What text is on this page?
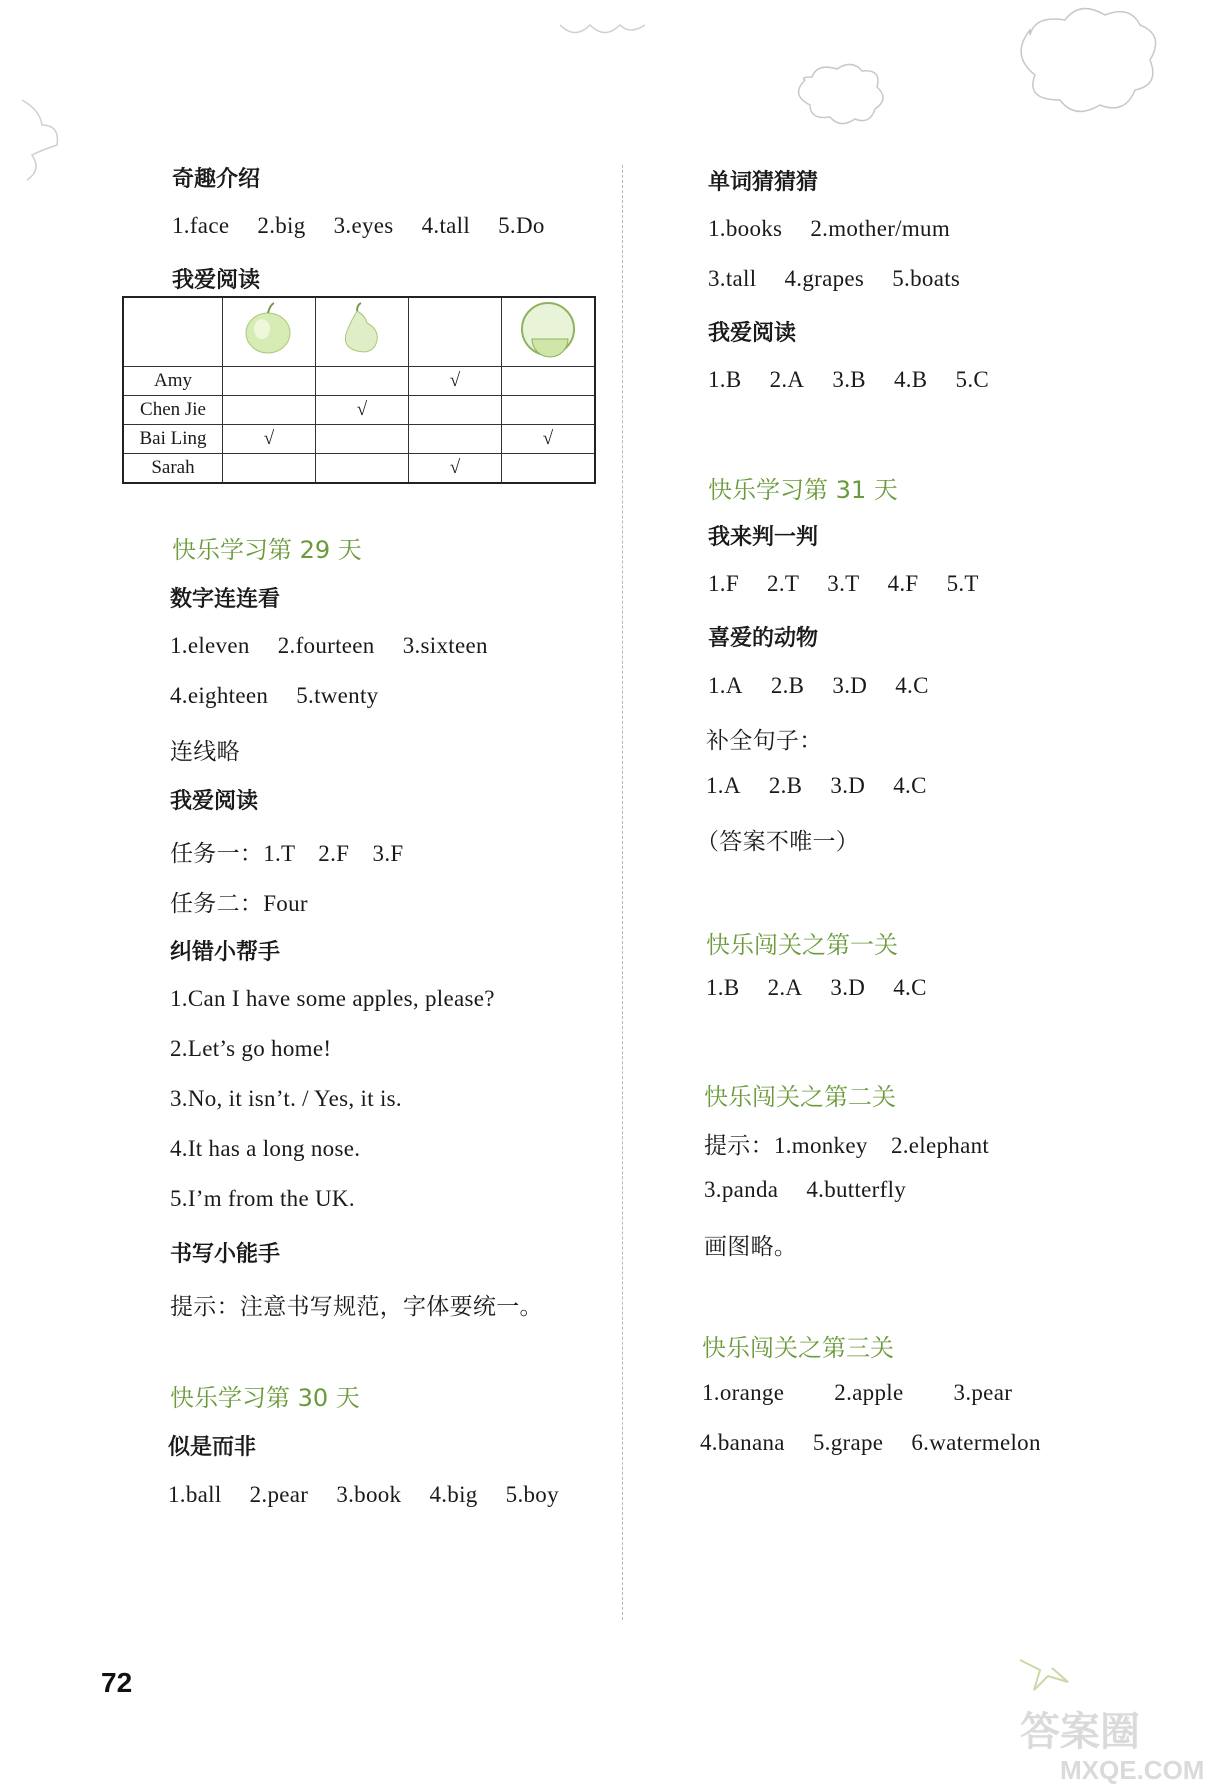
奇趣介绍
1.face 2.big 3.eyes 4.tall 5.Do
我爱阅读

Amy			√	
Chen Jie		√		
Bai Ling	√			√
Sarah			√	
快乐学习第 29 天
数字连连看
1.eleven 2.fourteen 3.sixteen
4.eighteen 5.twenty
连线略
我爱阅读
任务一：1.T　2.F　3.F
任务二：Four
纠错小帮手
1.Can I have some apples, please?
2.Let’s go home!
3.No, it isn’t. / Yes, it is.
4.It has a long nose.
5.I’m from the UK.
书写小能手
提示：注意书写规范，字体要统一。
快乐学习第 30 天
似是而非
1.ball 2.pear 3.book 4.big 5.boy
单词猜猜猜
1.books 2.mother/mum
3.tall 4.grapes 5.boats
我爱阅读
1.B 2.A 3.B 4.B 5.C
快乐学习第 31 天
我来判一判
1.F 2.T 3.T 4.F 5.T
喜爱的动物
1.A 2.B 3.D 4.C
补全句子：
1.A 2.B 3.D 4.C
（答案不唯一）
快乐闯关之第一关
1.B 2.A 3.D 4.C
快乐闯关之第二关
提示：1.monkey　2.elephant
3.panda 4.butterfly
画图略。
快乐闯关之第三关
1.orange 2.apple 3.pear
4.banana 5.grape 6.watermelon
72
答案圈
MXQE.COM
